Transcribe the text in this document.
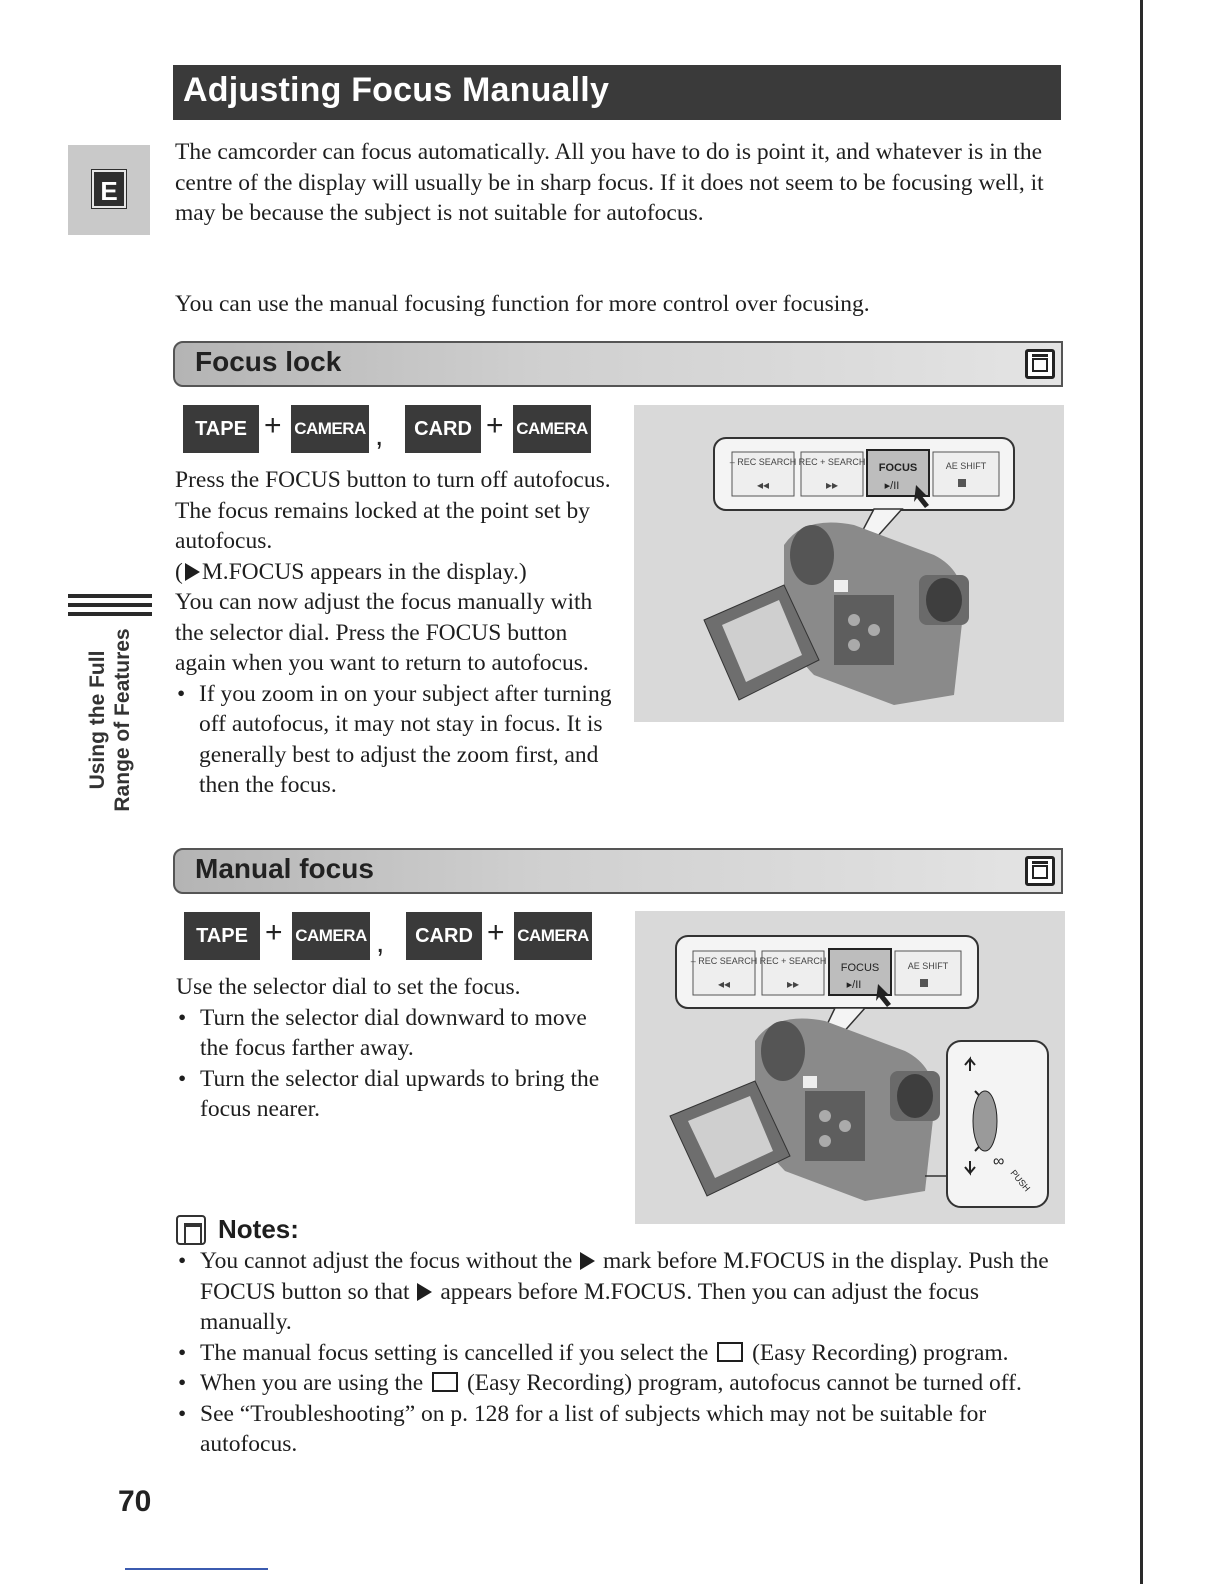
Adjusting Focus Manually
E
Using the Full Range of Features
The camcorder can focus automatically. All you have to do is point it, and whatever is in the centre of the display will usually be in sharp focus. If it does not seem to be focusing well, it may be because the subject is not suitable for autofocus.
You can use the manual focusing function for more control over focusing.
Focus lock
TAPE + CAMERA ,	CARD + CAMERA
Press the FOCUS button to turn off autofocus. The focus remains locked at the point set by autofocus.
( M.FOCUS appears in the display.)
You can now adjust the focus manually with the selector dial. Press the FOCUS button again when you want to return to autofocus.
• If you zoom in on your subject after turning off autofocus, it may not stay in focus. It is generally best to adjust the zoom first, and then the focus.
– REC SEARCH
◂◂
REC + SEARCH
▸▸
FOCUS
▸/II
AE SHIFT
Manual focus
TAPE + CAMERA ,	CARD + CAMERA
Use the selector dial to set the focus.
• Turn the selector dial downward to move the focus farther away.
• Turn the selector dial upwards to bring the focus nearer.
– REC SEARCH
◂◂
REC + SEARCH
▸▸
FOCUS
▸/II
AE SHIFT
∞
PUSH
Notes:
• You cannot adjust the focus without the mark before M.FOCUS in the display. Push the FOCUS button so that appears before M.FOCUS. Then you can adjust the focus manually.
• The manual focus setting is cancelled if you select the (Easy Recording) program.
• When you are using the (Easy Recording) program, autofocus cannot be turned off.
• See “Troubleshooting” on p. 128 for a list of subjects which may not be suitable for autofocus.
70
